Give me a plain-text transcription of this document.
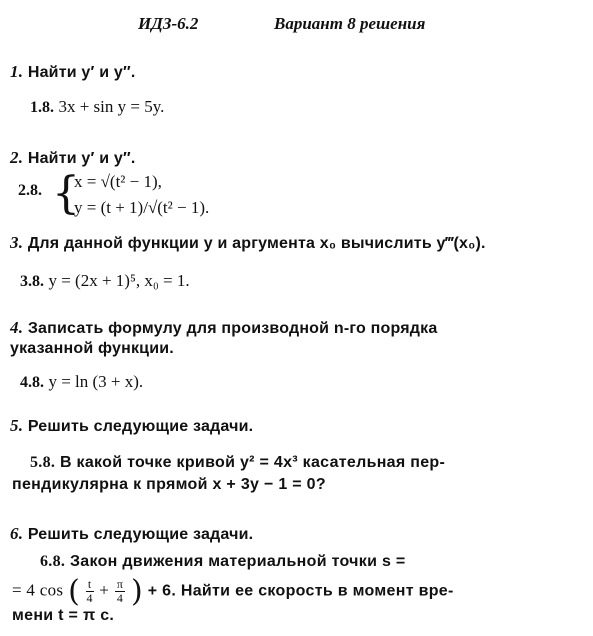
ИДЗ-6.2	Вариант 8 решения
1. Найти y′ и y″.
1.8. 3x + sin y = 5y.
2. Найти y′ и y″.
2.8. {
x = √(t² − 1),
y = (t + 1)/√(t² − 1).
3. Для данной функции y и аргумента x₀ вычислить y‴(x₀).
3.8. y = (2x + 1)⁵, x₀ = 1.
4. Записать формулу для производной n-го порядка
указанной функции.
4.8. y = ln (3 + x).
5. Решить следующие задачи.
5.8. В какой точке кривой y² = 4x³ касательная пер-
пендикулярна к прямой x + 3y − 1 = 0?
6. Решить следующие задачи.
6.8. Закон движения материальной точки s =
= 4 cos ( $\frac{t}{4} + \frac{\pi}{4}$ ) + 6. Найти ее скорость в момент вре-
мени t = π c.
